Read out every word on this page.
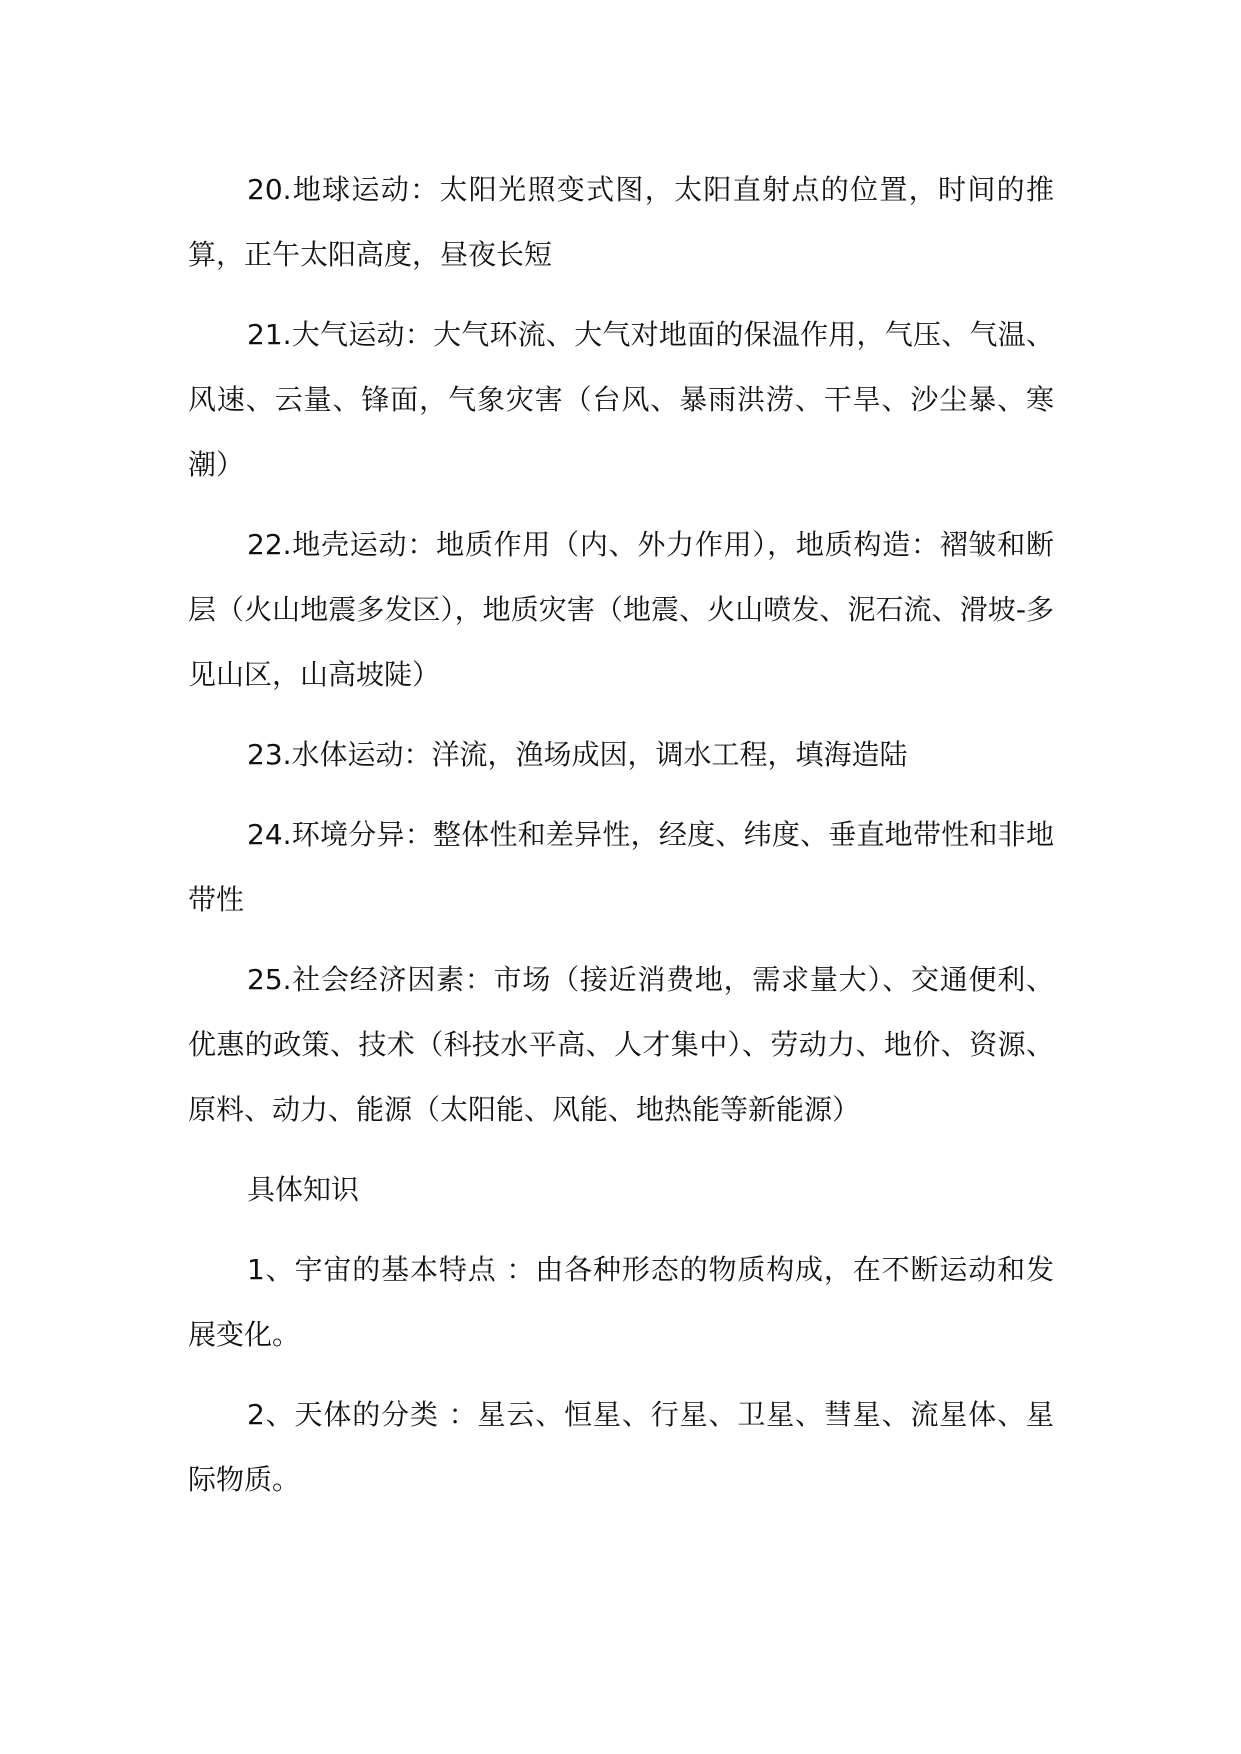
20.地球运动：太阳光照变式图，太阳直射点的位置，时间的推算，正午太阳高度，昼夜长短

21.大气运动：大气环流、大气对地面的保温作用，气压、气温、风速、云量、锋面，气象灾害（台风、暴雨洪涝、干旱、沙尘暴、寒潮）

22.地壳运动：地质作用（内、外力作用），地质构造：褶皱和断层（火山地震多发区），地质灾害（地震、火山喷发、泥石流、滑坡-多见山区，山高坡陡）

23.水体运动：洋流，渔场成因，调水工程，填海造陆

24.环境分异：整体性和差异性，经度、纬度、垂直地带性和非地带性

25.社会经济因素：市场（接近消费地，需求量大）、交通便利、优惠的政策、技术（科技水平高、人才集中）、劳动力、地价、资源、原料、动力、能源（太阳能、风能、地热能等新能源）

具体知识

1、宇宙的基本特点 ：由各种形态的物质构成，在不断运动和发展变化。

2、天体的分类 ：星云、恒星、行星、卫星、彗星、流星体、星际物质。
